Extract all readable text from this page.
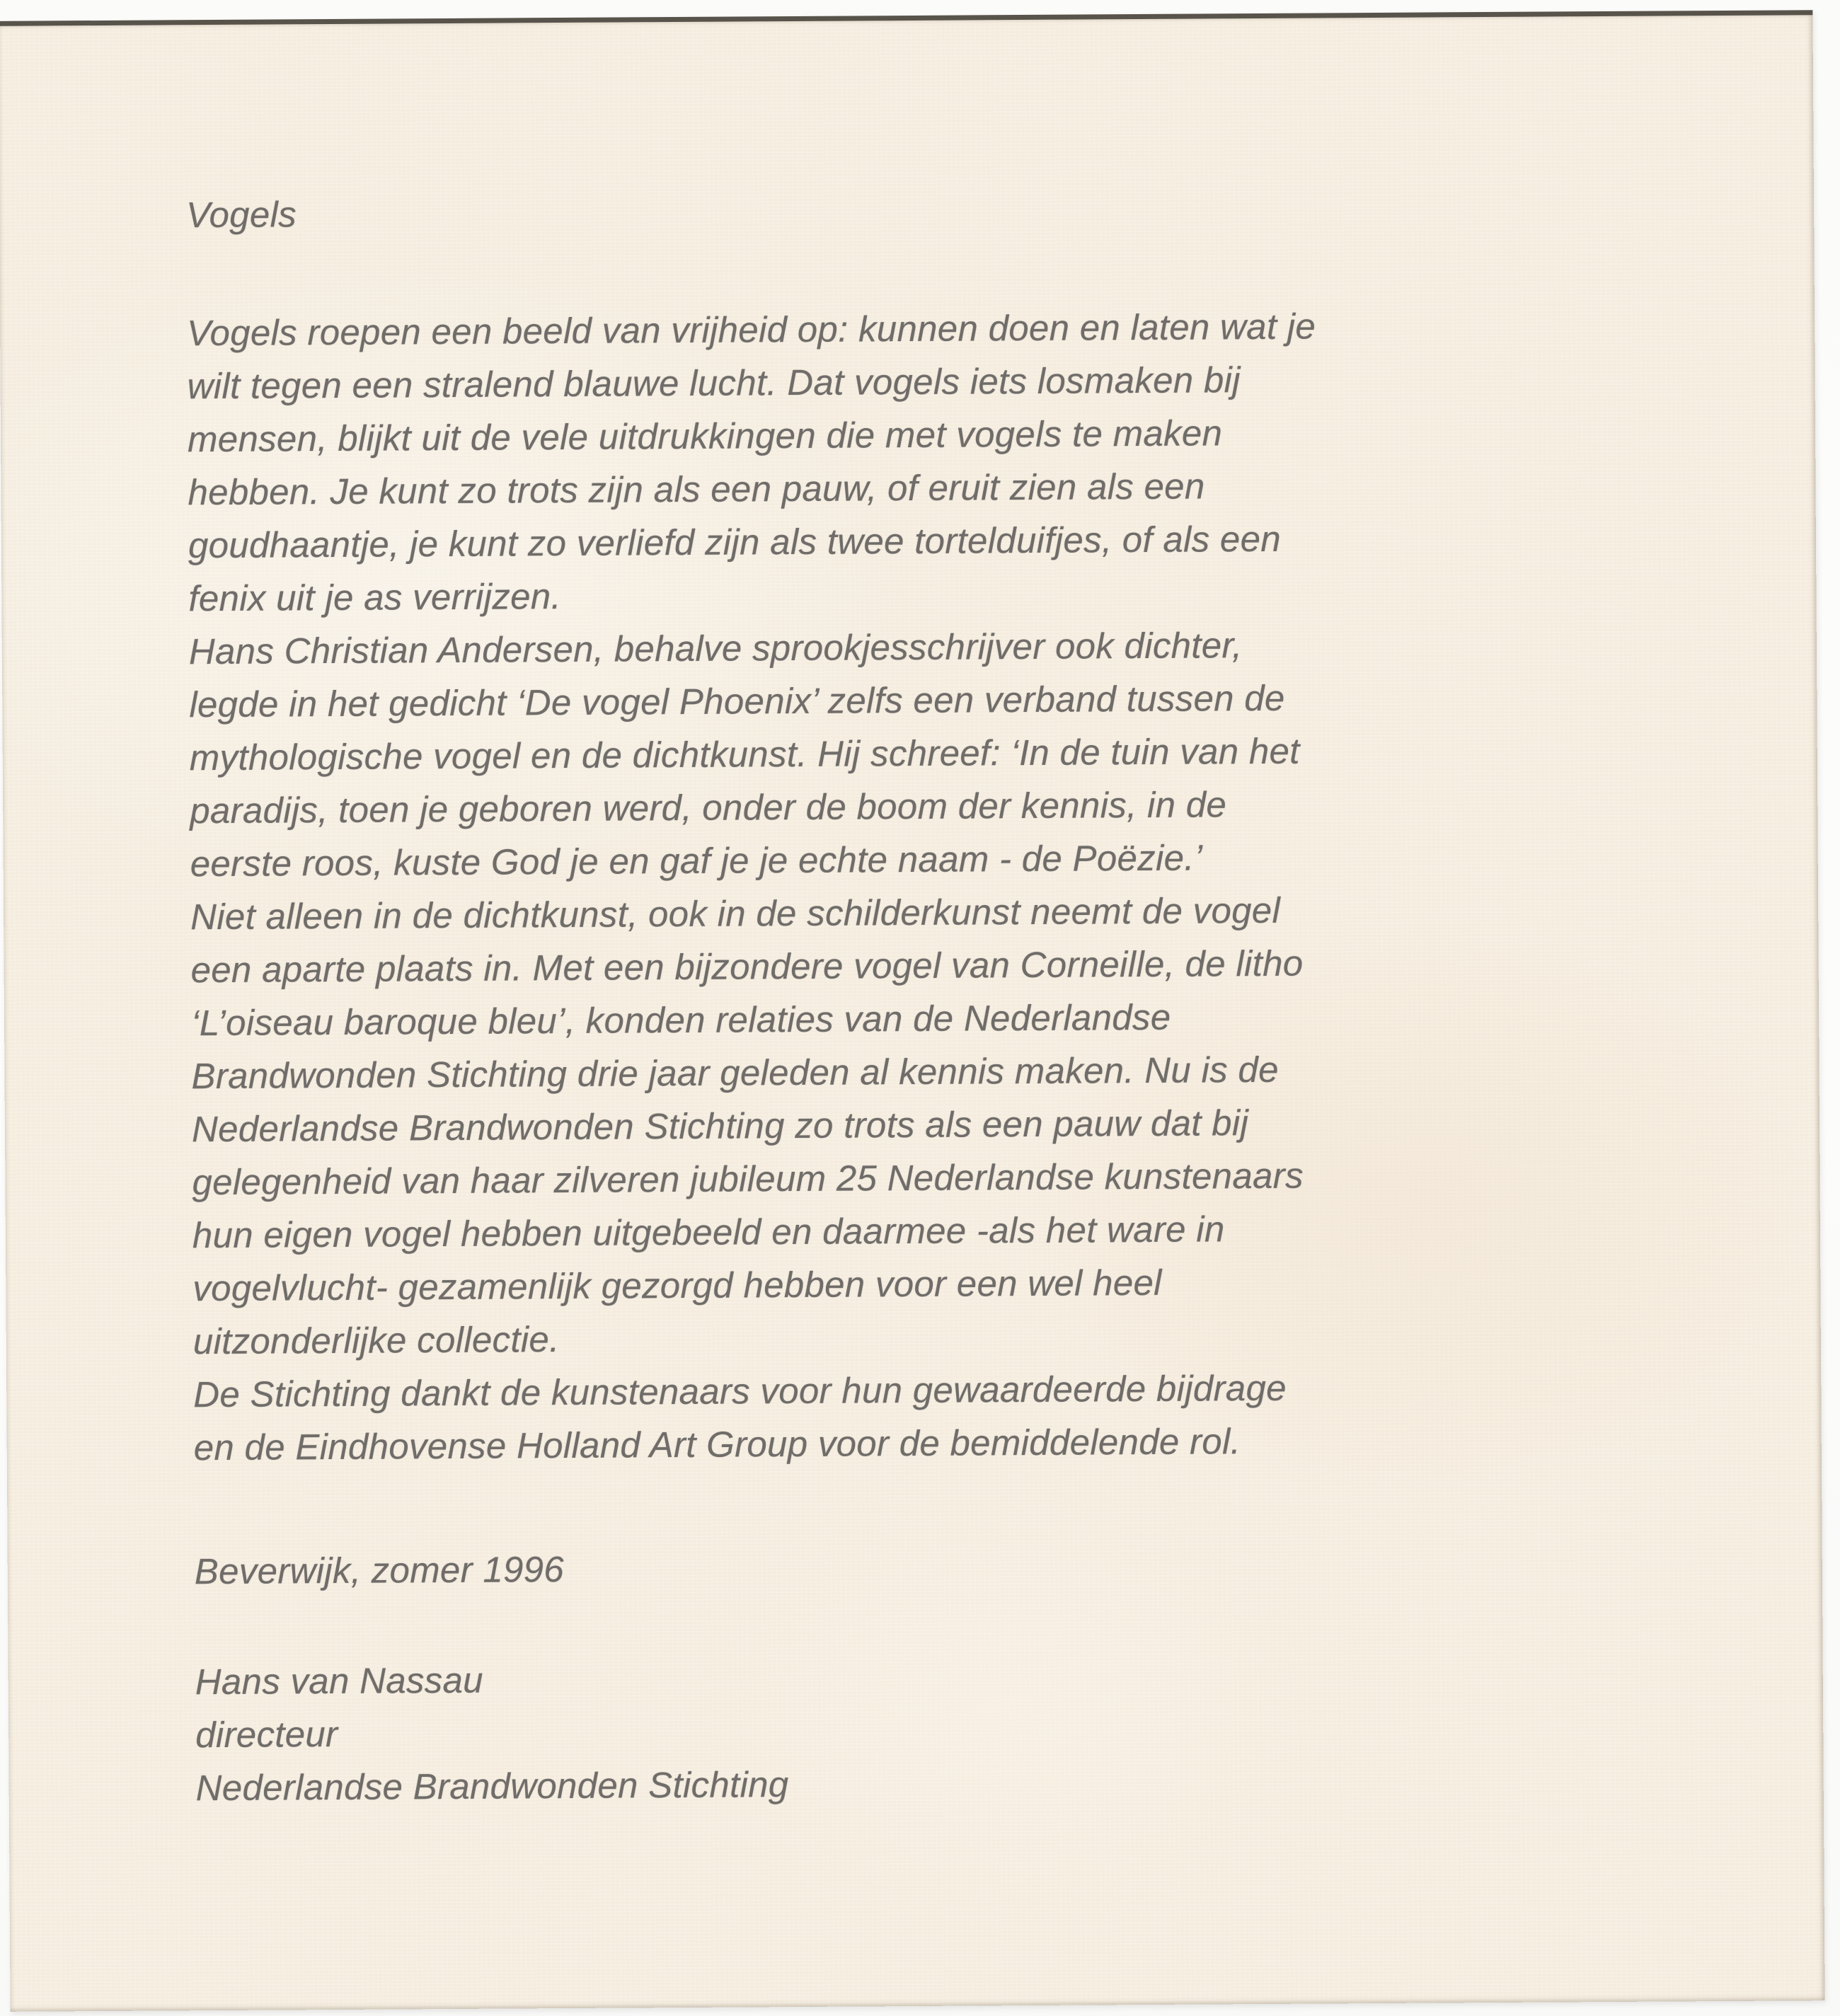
Vogels
Vogels roepen een beeld van vrijheid op: kunnen doen en laten wat je
wilt tegen een stralend blauwe lucht. Dat vogels iets losmaken bij
mensen, blijkt uit de vele uitdrukkingen die met vogels te maken
hebben. Je kunt zo trots zijn als een pauw, of eruit zien als een
goudhaantje, je kunt zo verliefd zijn als twee tortelduifjes, of als een
fenix uit je as verrijzen.
Hans Christian Andersen, behalve sprookjesschrijver ook dichter,
legde in het gedicht ‘De vogel Phoenix’ zelfs een verband tussen de
mythologische vogel en de dichtkunst. Hij schreef: ‘In de tuin van het
paradijs, toen je geboren werd, onder de boom der kennis, in de
eerste roos, kuste God je en gaf je je echte naam - de Poëzie.’
Niet alleen in de dichtkunst, ook in de schilderkunst neemt de vogel
een aparte plaats in. Met een bijzondere vogel van Corneille, de litho
‘L’oiseau baroque bleu’, konden relaties van de Nederlandse
Brandwonden Stichting drie jaar geleden al kennis maken. Nu is de
Nederlandse Brandwonden Stichting zo trots als een pauw dat bij
gelegenheid van haar zilveren jubileum 25 Nederlandse kunstenaars
hun eigen vogel hebben uitgebeeld en daarmee -als het ware in
vogelvlucht- gezamenlijk gezorgd hebben voor een wel heel
uitzonderlijke collectie.
De Stichting dankt de kunstenaars voor hun gewaardeerde bijdrage
en de Eindhovense Holland Art Group voor de bemiddelende rol.
Beverwijk, zomer 1996
Hans van Nassau
directeur
Nederlandse Brandwonden Stichting
